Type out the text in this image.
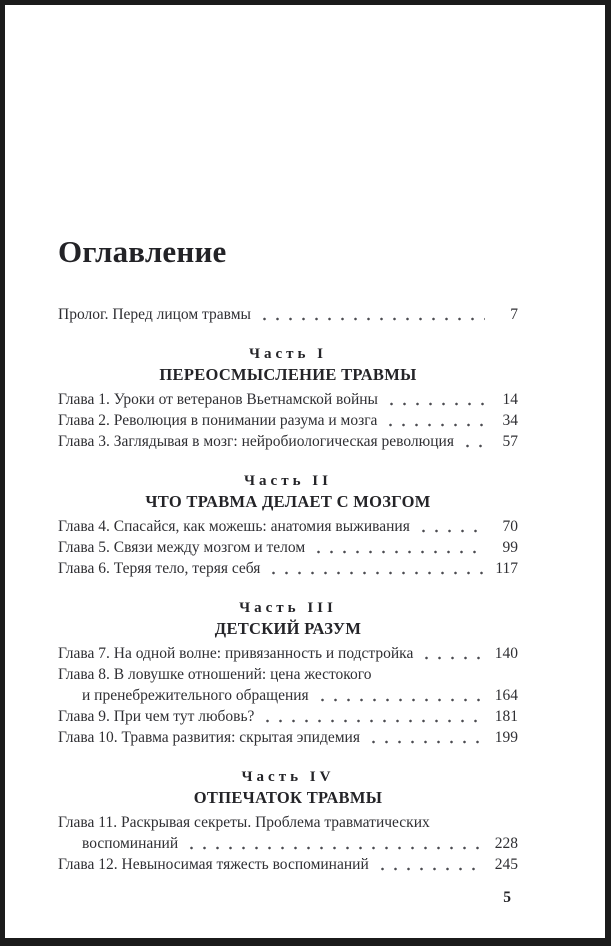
Оглавление
Пролог. Перед лицом травмы	7
Часть I
ПЕРЕОСМЫСЛЕНИЕ ТРАВМЫ
Глава 1. Уроки от ветеранов Вьетнамской войны	14
Глава 2. Революция в понимании разума и мозга	34
Глава 3. Заглядывая в мозг: нейробиологическая революция	57
Часть II
ЧТО ТРАВМА ДЕЛАЕТ С МОЗГОМ
Глава 4. Спасайся, как можешь: анатомия выживания	70
Глава 5. Связи между мозгом и телом	99
Глава 6. Теряя тело, теряя себя	117
Часть III
ДЕТСКИЙ РАЗУМ
Глава 7. На одной волне: привязанность и подстройка	140
Глава 8. В ловушке отношений: цена жестокого
и пренебрежительного обращения	164
Глава 9. При чем тут любовь?	181
Глава 10. Травма развития: скрытая эпидемия	199
Часть IV
ОТПЕЧАТОК ТРАВМЫ
Глава 11. Раскрывая секреты. Проблема травматических
воспоминаний	228
Глава 12. Невыносимая тяжесть воспоминаний	245
5
